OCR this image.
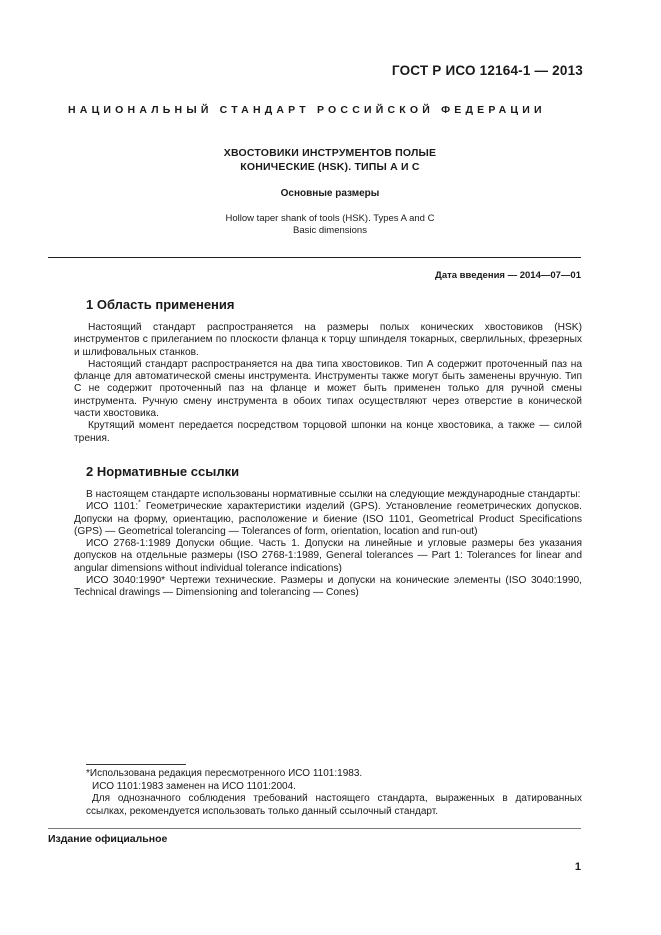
ГОСТ Р ИСО 12164-1 — 2013
НАЦИОНАЛЬНЫЙ СТАНДАРТ РОССИЙСКОЙ ФЕДЕРАЦИИ
ХВОСТОВИКИ ИНСТРУМЕНТОВ ПОЛЫЕ
КОНИЧЕСКИЕ (HSK). ТИПЫ А И С
Основные размеры
Hollow taper shank of tools (HSK). Types A and C
Basic dimensions
Дата введения — 2014—07—01
1 Область применения

Настоящий стандарт распространяется на размеры полых конических хвостовиков (HSK) инструментов с прилеганием по плоскости фланца к торцу шпинделя токарных, сверлильных, фрезерных и шлифовальных станков.

Настоящий стандарт распространяется на два типа хвостовиков. Тип А содержит проточенный паз на фланце для автоматической смены инструмента. Инструменты также могут быть заменены вручную. Тип С не содержит проточенный паз на фланце и может быть применен только для ручной смены инструмента. Ручную смену инструмента в обоих типах осуществляют через отверстие в конической части хвостовика.

Крутящий момент передается посредством торцовой шпонки на конце хвостовика, а также — силой трения.

2 Нормативные ссылки

В настоящем стандарте использованы нормативные ссылки на следующие международные стандарты:

ИСО 1101:* Геометрические характеристики изделий (GPS). Установление геометрических допусков. Допуски на форму, ориентацию, расположение и биение (ISO 1101, Geometrical Product Specifications (GPS) — Geometrical tolerancing — Tolerances of form, orientation, location and run-out)

ИСО 2768-1:1989 Допуски общие. Часть 1. Допуски на линейные и угловые размеры без указания допусков на отдельные размеры (ISO 2768-1:1989, General tolerances — Part 1: Tolerances for linear and angular dimensions without individual tolerance indications)

ИСО 3040:1990* Чертежи технические. Размеры и допуски на конические элементы (ISO 3040:1990, Technical drawings — Dimensioning and tolerancing — Cones)

*Использована редакция пересмотренного ИСО 1101:1983.

ИСО 1101:1983 заменен на ИСО 1101:2004.

Для однозначного соблюдения требований настоящего стандарта, выраженных в датированных ссылках, рекомендуется использовать только данный ссылочный стандарт.

Издание официальное
1
